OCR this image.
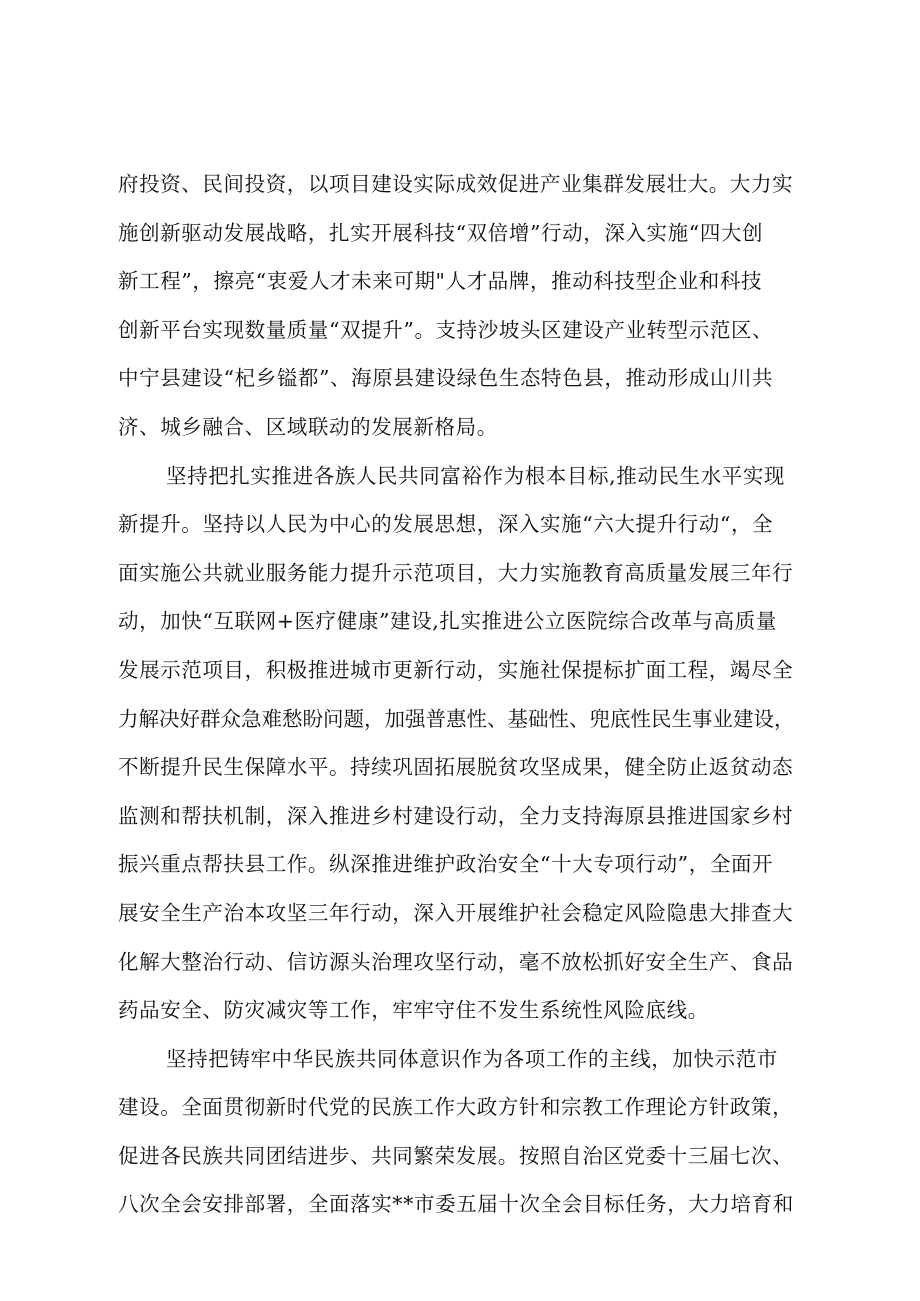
府投资、民间投资，以项目建设实际成效促进产业集群发展壮大。大力实
施创新驱动发展战略，扎实开展科技“双倍增”行动，深入实施“四大创
新工程”，擦亮“衷爱人才未来可期"人才品牌，推动科技型企业和科技
创新平台实现数量质量“双提升”。支持沙坡头区建设产业转型示范区、
中宁县建设“杞乡镒都”、海原县建设绿色生态特色县，推动形成山川共
济、城乡融合、区域联动的发展新格局。
坚持把扎实推进各族人民共同富裕作为根本目标,推动民生水平实现
新提升。坚持以人民为中心的发展思想，深入实施“六大提升行动“，全
面实施公共就业服务能力提升示范项目，大力实施教育高质量发展三年行
动，加快“互联网+医疗健康”建设,扎实推进公立医院综合改革与高质量
发展示范项目，积极推进城市更新行动，实施社保提标扩面工程，竭尽全
力解决好群众急难愁盼问题，加强普惠性、基础性、兜底性民生事业建设，
不断提升民生保障水平。持续巩固拓展脱贫攻坚成果，健全防止返贫动态
监测和帮扶机制，深入推进乡村建设行动，全力支持海原县推进国家乡村
振兴重点帮扶县工作。纵深推进维护政治安全“十大专项行动”，全面开
展安全生产治本攻坚三年行动，深入开展维护社会稳定风险隐患大排查大
化解大整治行动、信访源头治理攻坚行动，毫不放松抓好安全生产、食品
药品安全、防灾减灾等工作，牢牢守住不发生系统性风险底线。
坚持把铸牢中华民族共同体意识作为各项工作的主线，加快示范市
建设。全面贯彻新时代党的民族工作大政方针和宗教工作理论方针政策，
促进各民族共同团结进步、共同繁荣发展。按照自治区党委十三届七次、
八次全会安排部署，全面落实**市委五届十次全会目标任务，大力培育和
